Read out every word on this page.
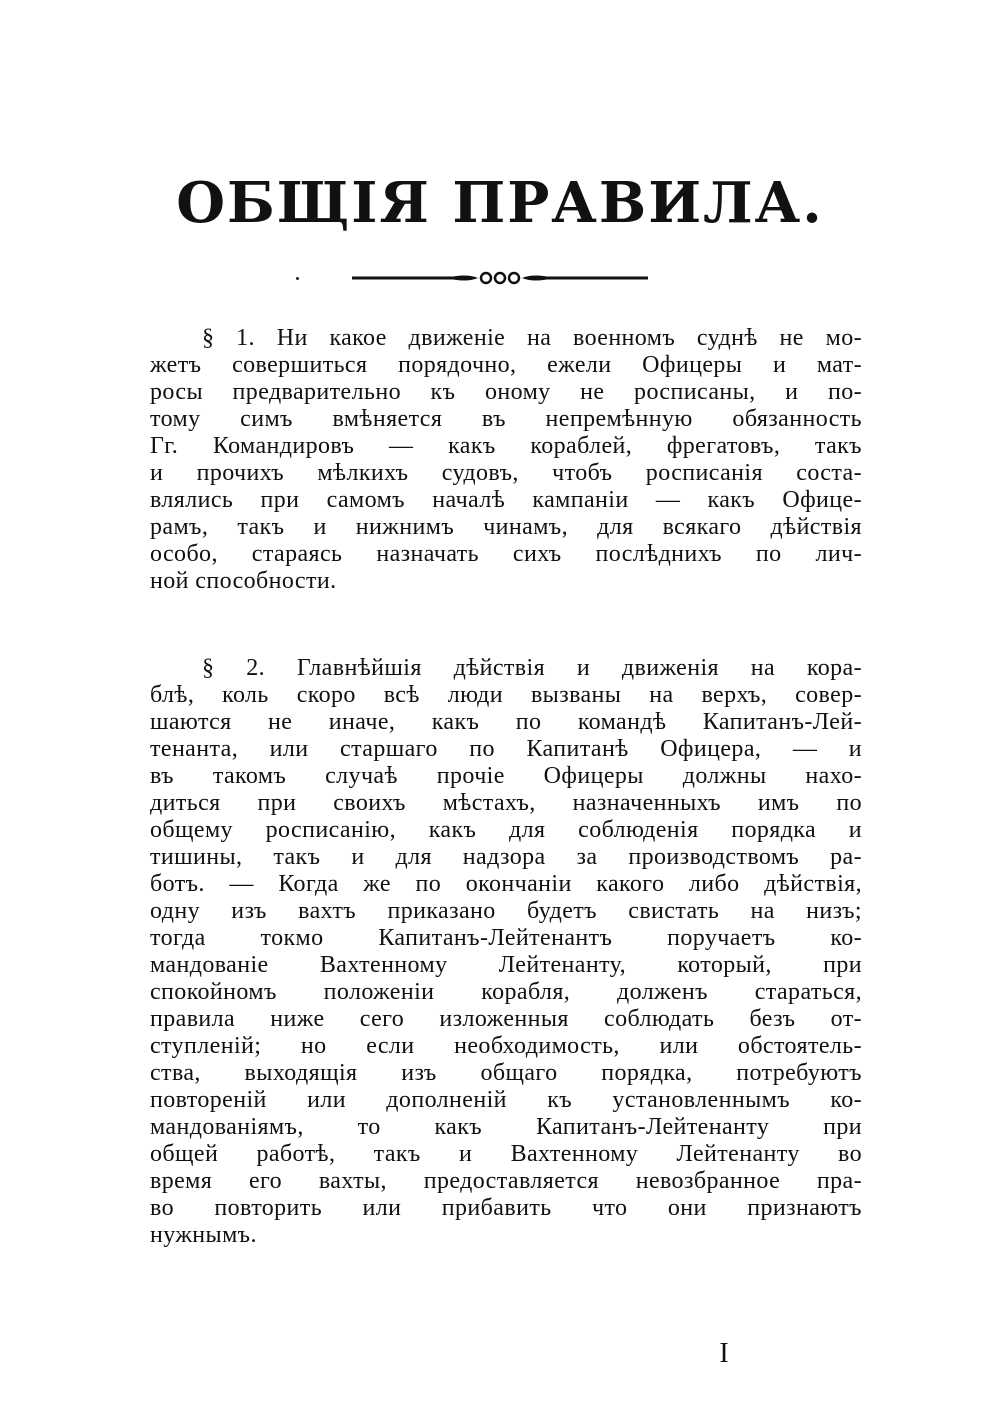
ОБЩІЯ ПРАВИЛА.
§ 1. Ни какое движеніе на военномъ суднѣ не мо-
жетъ совершиться порядочно, ежели Офицеры и мат-
росы предварительно къ оному не росписаны, и по-
тому симъ вмѣняется въ непремѣнную обязанность
Гг. Командировъ — какъ кораблей, фрегатовъ, такъ
и прочихъ мѣлкихъ судовъ, чтобъ росписанія соста-
влялись при самомъ началѣ кампаніи — какъ Офице-
рамъ, такъ и нижнимъ чинамъ, для всякаго дѣйствія
особо, стараясь назначать сихъ послѣднихъ по лич-
ной способности.
§ 2. Главнѣйшія дѣйствія и движенія на кора-
блѣ, коль скоро всѣ люди вызваны на верхъ, совер-
шаются не иначе, какъ по командѣ Капитанъ-Лей-
тенанта, или старшаго по Капитанѣ Офицера, — и
въ такомъ случаѣ прочіе Офицеры должны нахо-
диться при своихъ мѣстахъ, назначенныхъ имъ по
общему росписанію, какъ для соблюденія порядка и
тишины, такъ и для надзора за производствомъ ра-
ботъ. — Когда же по окончаніи какого либо дѣйствія,
одну изъ вахтъ приказано будетъ свистать на низъ;
тогда токмо Капитанъ-Лейтенантъ поручаетъ ко-
мандованіе Вахтенному Лейтенанту, который, при
спокойномъ положеніи корабля, долженъ стараться,
правила ниже сего изложенныя соблюдать безъ от-
ступленій; но если необходимость, или обстоятель-
ства, выходящія изъ общаго порядка, потребуютъ
повтореній или дополненій къ установленнымъ ко-
мандованіямъ, то какъ Капитанъ-Лейтенанту при
общей работѣ, такъ и Вахтенному Лейтенанту во
время его вахты, предоставляется невозбранное пра-
во повторить или прибавить что они признаютъ
нужнымъ.
I
